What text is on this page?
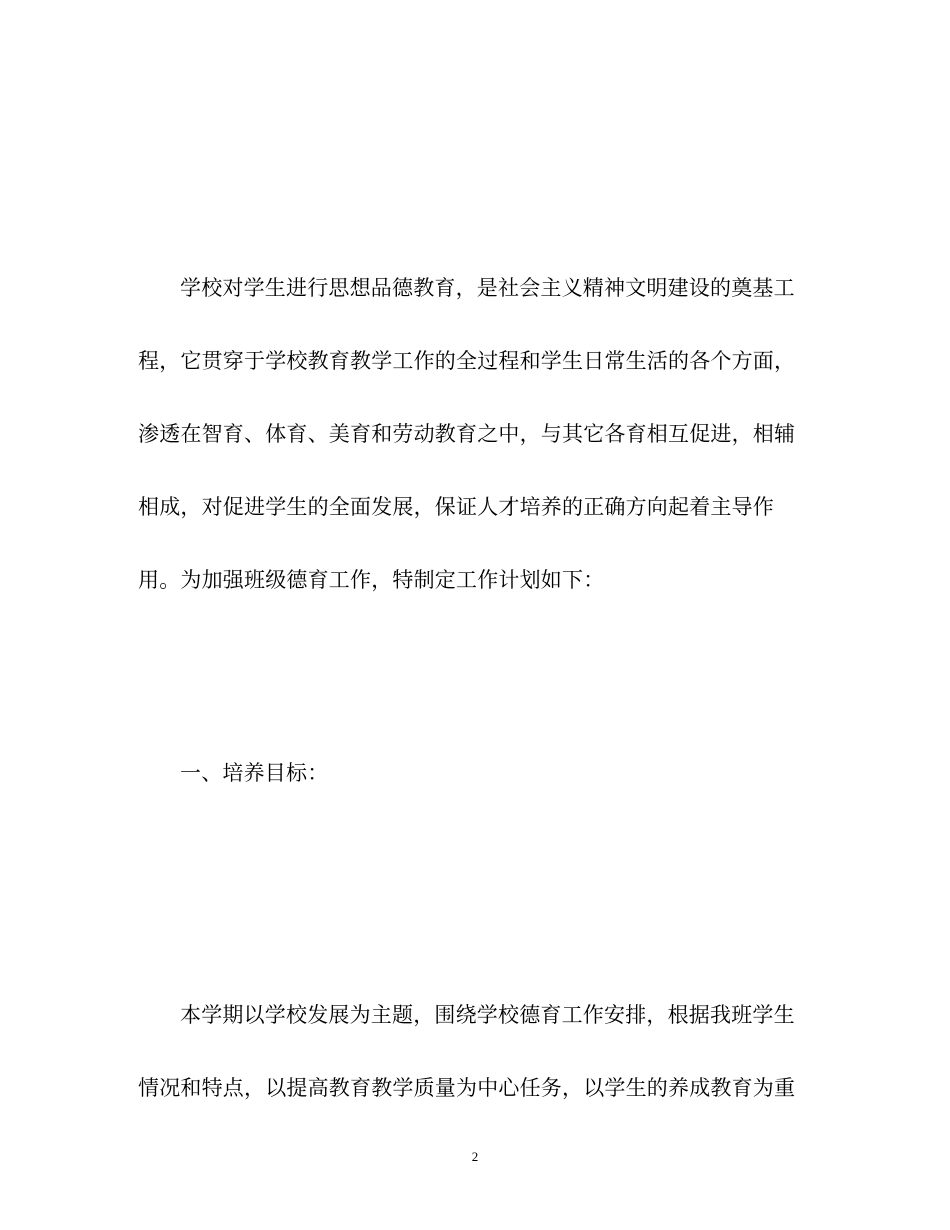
学校对学生进行思想品德教育，是社会主义精神文明建设的奠基工
程，它贯穿于学校教育教学工作的全过程和学生日常生活的各个方面，
渗透在智育、体育、美育和劳动教育之中，与其它各育相互促进，相辅
相成，对促进学生的全面发展，保证人才培养的正确方向起着主导作
用。为加强班级德育工作，特制定工作计划如下：
一、培养目标：
本学期以学校发展为主题，围绕学校德育工作安排，根据我班学生
情况和特点，以提高教育教学质量为中心任务，以学生的养成教育为重
2
